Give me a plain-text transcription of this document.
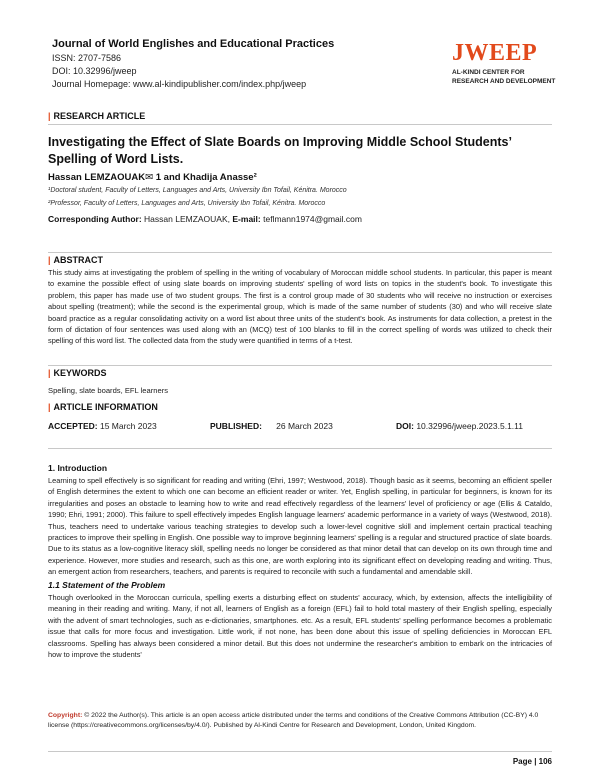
Journal of World Englishes and Educational Practices
ISSN: 2707-7586
DOI: 10.32996/jweep
Journal Homepage: www.al-kindipublisher.com/index.php/jweep
JWEEP
AL-KINDI CENTER FOR RESEARCH AND DEVELOPMENT
| RESEARCH ARTICLE
Investigating the Effect of Slate Boards on Improving Middle School Students’ Spelling of Word Lists.
Hassan LEMZAOUAK✉ 1 and Khadija Anasse²
¹Doctoral student, Faculty of Letters, Languages and Arts, University Ibn Tofail, Kénitra. Morocco
²Professor, Faculty of Letters, Languages and Arts, University Ibn Tofail, Kénitra. Morocco
Corresponding Author: Hassan LEMZAOUAK, E-mail: teflmann1974@gmail.com
| ABSTRACT
This study aims at investigating the problem of spelling in the writing of vocabulary of Moroccan middle school students. In particular, this paper is meant to examine the possible effect of using slate boards on improving students' spelling of word lists on topics in the student's book. To investigate this problem, this paper has made use of two student groups. The first is a control group made of 30 students who will receive no instruction or exercises about spelling (treatment); while the second is the experimental group, which is made of the same number of students (30) and who will receive slate board practice as a regular consolidating activity on a word list about three units of the student's book. As instruments for data collection, a pretest in the form of dictation of four sentences was used along with an (MCQ) test of 100 blanks to fill in the correct spelling of words was utilized to check their spelling of this word list. The collected data from the study were quantified in terms of a t-test.
| KEYWORDS
Spelling, slate boards, EFL learners
| ARTICLE INFORMATION
ACCEPTED: 15 March 2023	PUBLISHED: 26 March 2023	DOI: 10.32996/jweep.2023.5.1.11
1. Introduction
Learning to spell effectively is so significant for reading and writing (Ehri, 1997; Westwood, 2018). Though basic as it seems, becoming an efficient speller of English determines the extent to which one can become an efficient reader or writer. Yet, English spelling, in particular for beginners, is known for its irregularities and poses an obstacle to learning how to write and read effectively regardless of the learners' level of proficiency or age (Ellis & Cataldo, 1990; Ehri, 1991; 2000). This failure to spell effectively impedes English language learners' academic performance in a variety of ways (Westwood, 2018). Thus, teachers need to undertake various teaching strategies to develop such a lower-level cognitive skill and implement certain practical teaching practices to improve their spelling in English. One possible way to improve beginning learners' spelling is a regular and structured practice of slate boards. Due to its status as a low-cognitive literacy skill, spelling needs no longer be considered as that minor detail that can develop on its own through time and experience. However, more studies and research, such as this one, are worth exploring into its significant effect on developing reading and writing. Thus, an emergent action from researchers, teachers, and parents is required to reconcile with such a fundamental and amendable skill.
1.1 Statement of the Problem
Though overlooked in the Moroccan curricula, spelling exerts a disturbing effect on students' accuracy, which, by extension, affects the intelligibility of meaning in their reading and writing. Many, if not all, learners of English as a foreign (EFL) fail to hold total mastery of their English spelling, especially with the advent of smart technologies, such as e-dictionaries, smartphones. etc. As a result, EFL students' spelling performance becomes a problematic issue that calls for more focus and investigation. Little work, if not none, has been done about this issue of spelling deficiencies in Moroccan EFL classrooms. Spelling has always been considered a minor detail. But this does not undermine the researcher's ambition to embark on the intricacies of how to improve the students'
Copyright: © 2022 the Author(s). This article is an open access article distributed under the terms and conditions of the Creative Commons Attribution (CC-BY) 4.0 license (https://creativecommons.org/licenses/by/4.0/). Published by Al-Kindi Centre for Research and Development, London, United Kingdom.
Page | 106
